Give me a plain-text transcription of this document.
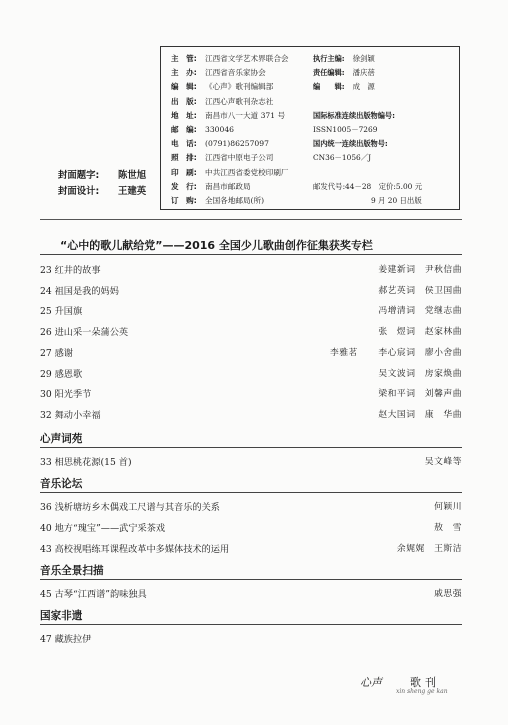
主　管:	江西省文学艺术界联合会
主　办:	江西省音乐家协会
编　辑:	《心声》歌刊编辑部
出　版:	江西心声歌刊杂志社
地　址:	南昌市八一大道 371 号
邮　编:	330046
电　话:	(0791)86257097
照　排:	江西省中原电子公司
印　刷:	中共江西省委党校印刷厂
发　行:	南昌市邮政局
订　购:	全国各地邮局(所)
执行主编: 徐剑颖
责任编辑: 潘庆蓓
编　　辑: 成　源
国际标准连续出版物编号:
ISSN1005－7269
国内统一连续出版物号:
CN36－1056／J
邮发代号:44－28　定价:5.00 元
9 月 20 日出版
封面题字:	陈世旭
封面设计:	王建英
“心中的歌儿献给党”——2016 全国少儿歌曲创作征集获奖专栏
23 红井的故事	姜建新词　尹秋信曲
24 祖国是我的妈妈	郝艺英词　侯卫国曲
25 升国旗	冯增清词　党继志曲
26 进山采一朵蒲公英	张　煜词　赵家林曲
27 感谢	李雅茗 李心宸词　廖小舍曲
29 感恩歌	吴文波词　房家焕曲
30 阳光季节	梁和平词　刘馨声曲
32 舞动小幸福	赵大国词　康　华曲
心声词苑
33 相思桃花源(15 首)	吴文峰等
音乐论坛
36 浅析塘坊乡木偶戏工尺谱与其音乐的关系	何颖川
40 地方“瑰宝”——武宁采茶戏	敖　雪
43 高校视唱练耳课程改革中多媒体技术的运用	余娓娓　王斯洁
音乐全景扫描
45 古琴“江西谱”韵味独具	戚思强
国家非遗
47 藏族拉伊
心声	歌刊
xin sheng ge kan
